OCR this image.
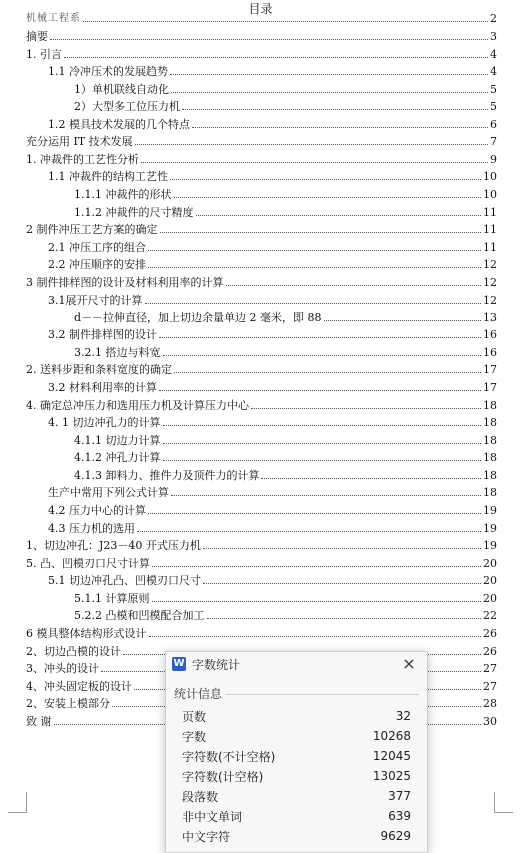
目录
机械工程系	2
摘要	3
1. 引言	4
1.1 冷冲压术的发展趋势	4
1）单机联线自动化	5
2）大型多工位压力机	5
1.2 模具技术发展的几个特点	6
充分运用 IT 技术发展	7
1. 冲裁件的工艺性分析	9
1.1 冲裁件的结构工艺性	10
1.1.1 冲裁件的形状	10
1.1.2 冲裁件的尺寸精度	11
2 制件冲压工艺方案的确定	11
2.1 冲压工序的组合	11
2.2 冲压顺序的安排	12
3 制件排样图的设计及材料利用率的计算	12
3.1展开尺寸的计算	12
d－－拉伸直径，加上切边余量单边 2 毫米，即 88	13
3.2 制件排样图的设计	16
3.2.1 搭边与料宽	16
2. 送料步距和条料宽度的确定	17
3.2 材料利用率的计算	17
4. 确定总冲压力和选用压力机及计算压力中心	18
4. 1 切边冲孔力的计算	18
4.1.1 切边力计算	18
4.1.2 冲孔力计算	18
4.1.3 卸料力、推件力及顶件力的计算	18
生产中常用下列公式计算	18
4.2 压力中心的计算	19
4.3 压力机的选用	19
1、切边冲孔：J23－40 开式压力机	19
5. 凸、凹模刃口尺寸计算	20
5.1 切边冲孔凸、凹模刃口尺寸	20
5.1.1 计算原则	20
5.2.2 凸模和凹模配合加工	22
6 模具整体结构形式设计	26
2、切边凸模的设计	26
3、冲头的设计	27
4、冲头固定板的设计	27
2、安装上模部分	28
致 谢	30
W 字数统计	×
统计信息
页数	32
字数	10268
字符数(不计空格)	12045
字符数(计空格)	13025
段落数	377
非中文单词	639
中文字符	9629
